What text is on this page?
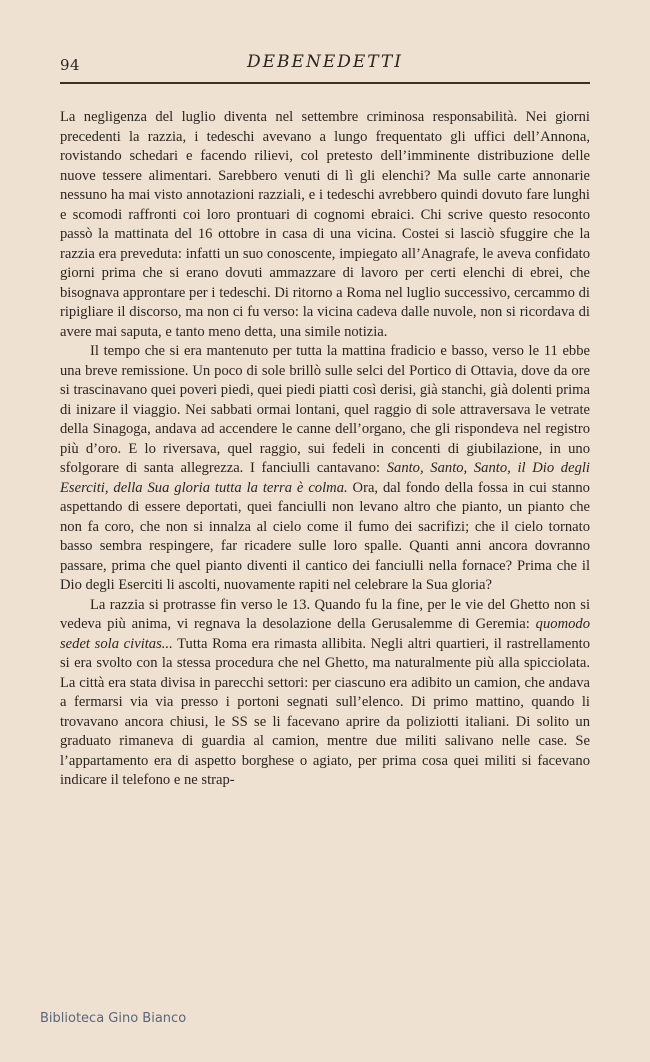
94	DEBENEDETTI

La negligenza del luglio diventa nel settembre criminosa responsabilità. Nei giorni precedenti la razzia, i tedeschi avevano a lungo frequentato gli uffici dell’Annona, rovistando schedari e facendo rilievi, col pretesto dell’imminente distribuzione delle nuove tessere alimentari. Sarebbero venuti di lì gli elenchi? Ma sulle carte annonarie nessuno ha mai visto annotazioni razziali, e i tedeschi avrebbero quindi dovuto fare lunghi e scomodi raffronti coi loro prontuari di cognomi ebraici. Chi scrive questo resoconto passò la mattinata del 16 ottobre in casa di una vicina. Costei si lasciò sfuggire che la razzia era preveduta: infatti un suo conoscente, impiegato all’Anagrafe, le aveva confidato giorni prima che si erano dovuti ammazzare di lavoro per certi elenchi di ebrei, che bisognava approntare per i tedeschi. Di ritorno a Roma nel luglio successivo, cercammo di ripigliare il discorso, ma non ci fu verso: la vicina cadeva dalle nuvole, non si ricordava di avere mai saputa, e tanto meno detta, una simile notizia.

Il tempo che si era mantenuto per tutta la mattina fradicio e basso, verso le 11 ebbe una breve remissione. Un poco di sole brillò sulle selci del Portico di Ottavia, dove da ore si trascinavano quei poveri piedi, quei piedi piatti così derisi, già stanchi, già dolenti prima di inizare il viaggio. Nei sabbati ormai lontani, quel raggio di sole attraversava le vetrate della Sinagoga, andava ad accendere le canne dell’organo, che gli rispondeva nel registro più d’oro. E lo riversava, quel raggio, sui fedeli in concenti di giubilazione, in uno sfolgorare di santa allegrezza. I fanciulli cantavano: Santo, Santo, Santo, il Dio degli Eserciti, della Sua gloria tutta la terra è colma. Ora, dal fondo della fossa in cui stanno aspettando di essere deportati, quei fanciulli non levano altro che pianto, un pianto che non fa coro, che non si innalza al cielo come il fumo dei sacrifizi; che il cielo tornato basso sembra respingere, far ricadere sulle loro spalle. Quanti anni ancora dovranno passare, prima che quel pianto diventi il cantico dei fanciulli nella fornace? Prima che il Dio degli Eserciti li ascolti, nuovamente rapiti nel celebrare la Sua gloria?

La razzia si protrasse fin verso le 13. Quando fu la fine, per le vie del Ghetto non si vedeva più anima, vi regnava la desolazione della Gerusalemme di Geremia: quomodo sedet sola civitas... Tutta Roma era rimasta allibita. Negli altri quartieri, il rastrellamento si era svolto con la stessa procedura che nel Ghetto, ma naturalmente più alla spicciolata. La città era stata divisa in parecchi settori: per ciascuno era adibito un camion, che andava a fermarsi via via presso i portoni segnati sull’elenco. Di primo mattino, quando li trovavano ancora chiusi, le SS se li facevano aprire da poliziotti italiani. Di solito un graduato rimaneva di guardia al camion, mentre due militi salivano nelle case. Se l’appartamento era di aspetto borghese o agiato, per prima cosa quei militi si facevano indicare il telefono e ne strap-

Biblioteca Gino Bianco
